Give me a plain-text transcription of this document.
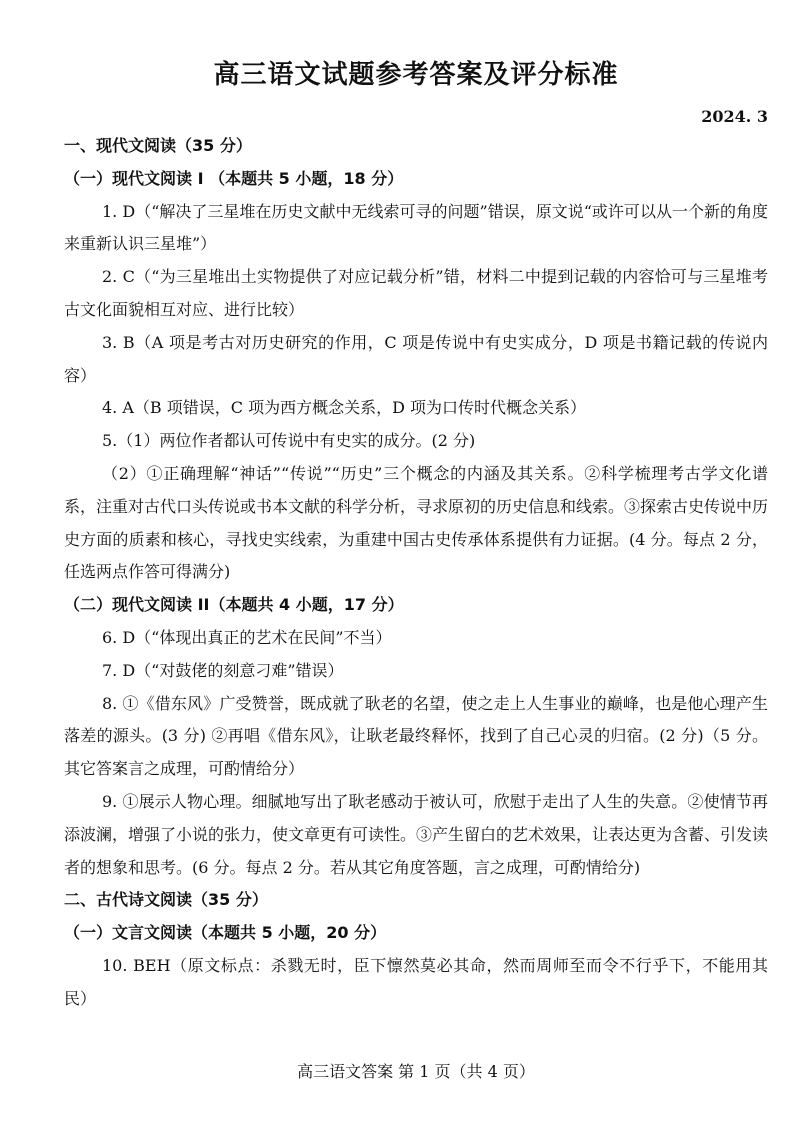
高三语文试题参考答案及评分标准
2024. 3
一、现代文阅读（35 分）
（一）现代文阅读 I （本题共 5 小题，18 分）

1. D（“解决了三星堆在历史文献中无线索可寻的问题”错误，原文说“或许可以从一个新的角度来重新认识三星堆”）

2. C（“为三星堆出土实物提供了对应记载分析”错，材料二中提到记载的内容恰可与三星堆考古文化面貌相互对应、进行比较）

3. B（A 项是考古对历史研究的作用，C 项是传说中有史实成分，D 项是书籍记载的传说内容）

4. A（B 项错误，C 项为西方概念关系，D 项为口传时代概念关系）

5.（1）两位作者都认可传说中有史实的成分。(2 分)

（2）①正确理解“神话”“传说”“历史”三个概念的内涵及其关系。②科学梳理考古学文化谱系，注重对古代口头传说或书本文献的科学分析，寻求原初的历史信息和线索。③探索古史传说中历史方面的质素和核心，寻找史实线索，为重建中国古史传承体系提供有力证据。(4 分。每点 2 分，任选两点作答可得满分)

（二）现代文阅读 II（本题共 4 小题，17 分）

6. D（“体现出真正的艺术在民间”不当）

7. D（“对鼓佬的刻意刁难”错误）

8. ①《借东风》广受赞誉，既成就了耿老的名望，使之走上人生事业的巅峰，也是他心理产生落差的源头。(3 分) ②再唱《借东风》，让耿老最终释怀，找到了自己心灵的归宿。(2 分)（5 分。其它答案言之成理，可酌情给分）

9. ①展示人物心理。细腻地写出了耿老感动于被认可，欣慰于走出了人生的失意。②使情节再添波澜，增强了小说的张力，使文章更有可读性。③产生留白的艺术效果，让表达更为含蓄、引发读者的想象和思考。(6 分。每点 2 分。若从其它角度答题，言之成理，可酌情给分)

二、古代诗文阅读（35 分）
（一）文言文阅读（本题共 5 小题，20 分）

10. BEH（原文标点：杀戮无时，臣下懔然莫必其命，然而周师至而令不行乎下，不能用其民）

高三语文答案 第 1 页（共 4 页）
